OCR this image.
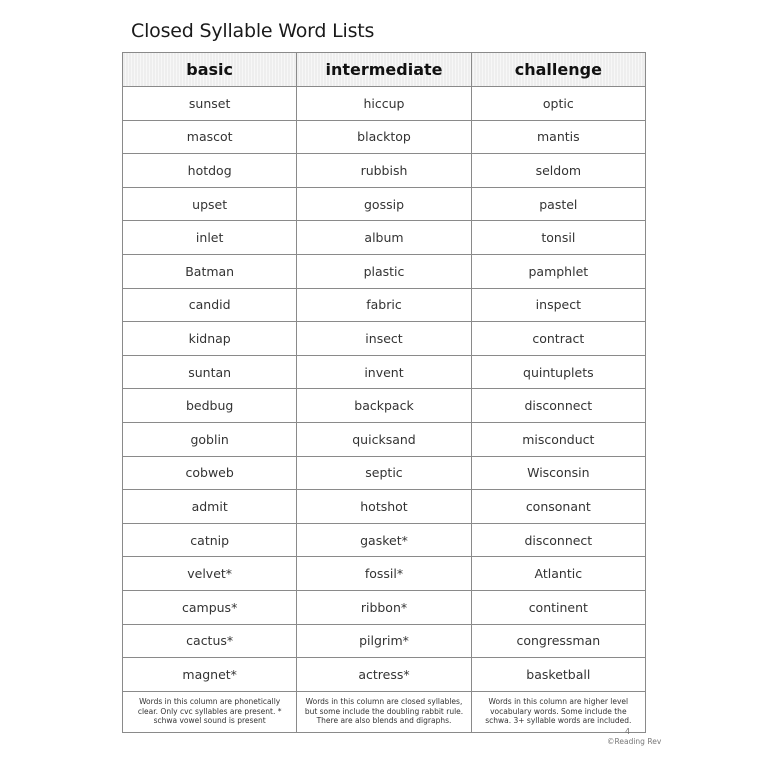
Closed Syllable Word Lists
basic	intermediate	challenge
sunset	hiccup	optic
mascot	blacktop	mantis
hotdog	rubbish	seldom
upset	gossip	pastel
inlet	album	tonsil
Batman	plastic	pamphlet
candid	fabric	inspect
kidnap	insect	contract
suntan	invent	quintuplets
bedbug	backpack	disconnect
goblin	quicksand	misconduct
cobweb	septic	Wisconsin
admit	hotshot	consonant
catnip	gasket*	disconnect
velvet*	fossil*	Atlantic
campus*	ribbon*	continent
cactus*	pilgrim*	congressman
magnet*	actress*	basketball
Words in this column are phonetically clear. Only cvc syllables are present. * schwa vowel sound is present	Words in this column are closed syllables, but some include the doubling rabbit rule. There are also blends and digraphs.	Words in this column are higher level vocabulary words. Some include the schwa. 3+ syllable words are included.
4
©Reading Rev
